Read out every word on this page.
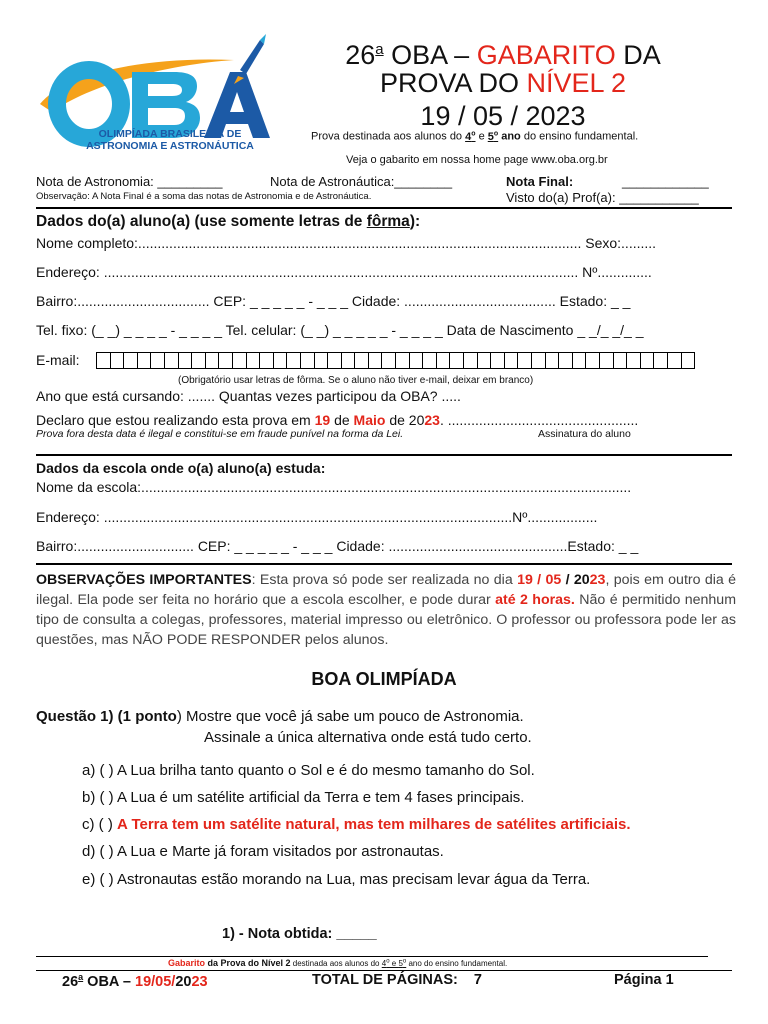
OLIMPÍADA BRASILEIRA DE
ASTRONOMIA E ASTRONÁUTICA
26$^a$ OBA – GABARITO DA
PROVA DO NÍVEL 2
19 / 05 / 2023
Prova destinada aos alunos do 4$^o$ e 5$^o$ ano do ensino fundamental.
Veja o gabarito em nossa home page www.oba.org.br
Nota de Astronomia: _________	Nota de Astronáutica:________	Nota Final:	____________
Observação: A Nota Final é a soma das notas de Astronomia e de Astronáutica.	Visto do(a) Prof(a): ___________
Dados do(a) aluno(a) (use somente letras de fôrma):
Nome completo:.................................................................................................................. Sexo:.........
Endereço: .......................................................................................................................... Nº..............
Bairro:.................................. CEP: _ _ _ _ _ - _ _ _ Cidade: ....................................... Estado: _ _
Tel. fixo: (_ _) _ _ _ _ - _ _ _ _ Tel. celular: (_ _) _ _ _ _ _ - _ _ _ _ Data de Nascimento _ _/_ _/_ _
E-mail:
(Obrigatório usar letras de fôrma. Se o aluno não tiver e-mail, deixar em branco)
Ano que está cursando: ....... Quantas vezes participou da OBA? .....
Declaro que estou realizando esta prova em 19 de Maio de 2023. .................................................
Prova fora desta data é ilegal e constitui-se em fraude punível na forma da Lei.	Assinatura do aluno
Dados da escola onde o(a) aluno(a) estuda:
Nome da escola:..............................................................................................................................
Endereço: .........................................................................................................Nº..................
Bairro:.............................. CEP: _ _ _ _ _ - _ _ _ Cidade: ..............................................Estado: _ _
OBSERVAÇÕES IMPORTANTES: Esta prova só pode ser realizada no dia 19 / 05 / 2023, pois em outro dia é ilegal. Ela pode ser feita no horário que a escola escolher, e pode durar até 2 horas. Não é permitido nenhum tipo de consulta a colegas, professores, material impresso ou eletrônico. O professor ou professora pode ler as questões, mas NÃO PODE RESPONDER pelos alunos.
BOA OLIMPÍADA
Questão 1) (1 ponto) Mostre que você já sabe um pouco de Astronomia.
Assinale a única alternativa onde está tudo certo.
a) ( ) A Lua brilha tanto quanto o Sol e é do mesmo tamanho do Sol.
b) ( ) A Lua é um satélite artificial da Terra e tem 4 fases principais.
c) ( ) A Terra tem um satélite natural, mas tem milhares de satélites artificiais.
d) ( ) A Lua e Marte já foram visitados por astronautas.
e) ( ) Astronautas estão morando na Lua, mas precisam levar água da Terra.
1) - Nota obtida: _____
Gabarito da Prova do Nível 2 destinada aos alunos do 4$^o$ e 5$^o$ ano do ensino fundamental.
26$^a$ OBA – 19/05/2023	TOTAL DE PÁGINAS:    7	Página 1
